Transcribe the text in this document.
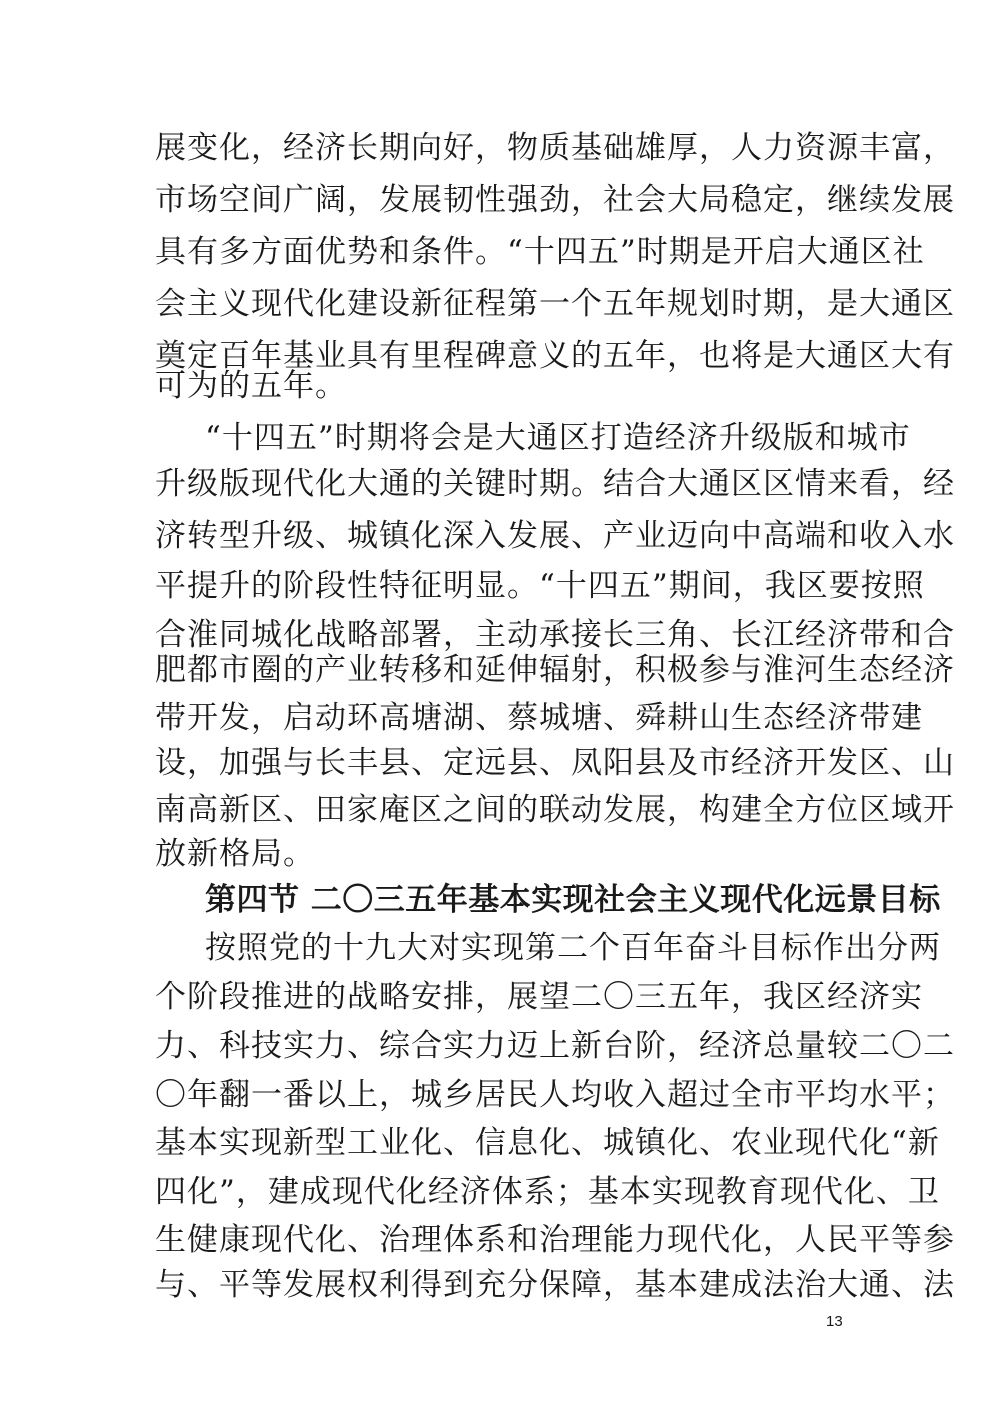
展变化，经济长期向好，物质基础雄厚，人力资源丰富，
市场空间广阔，发展韧性强劲，社会大局稳定，继续发展
具有多方面优势和条件。“十四五”时期是开启大通区社
会主义现代化建设新征程第一个五年规划时期，是大通区
奠定百年基业具有里程碑意义的五年，也将是大通区大有
可为的五年。
“十四五”时期将会是大通区打造经济升级版和城市
升级版现代化大通的关键时期。结合大通区区情来看，经
济转型升级、城镇化深入发展、产业迈向中高端和收入水
平提升的阶段性特征明显。“十四五”期间，我区要按照
合淮同城化战略部署，主动承接长三角、长江经济带和合
肥都市圈的产业转移和延伸辐射，积极参与淮河生态经济
带开发，启动环高塘湖、蔡城塘、舜耕山生态经济带建
设，加强与长丰县、定远县、凤阳县及市经济开发区、山
南高新区、田家庵区之间的联动发展，构建全方位区域开
放新格局。
第四节 二〇三五年基本实现社会主义现代化远景目标
按照党的十九大对实现第二个百年奋斗目标作出分两
个阶段推进的战略安排，展望二〇三五年，我区经济实
力、科技实力、综合实力迈上新台阶，经济总量较二〇二
〇年翻一番以上，城乡居民人均收入超过全市平均水平；
基本实现新型工业化、信息化、城镇化、农业现代化“新
四化”，建成现代化经济体系；基本实现教育现代化、卫
生健康现代化、治理体系和治理能力现代化，人民平等参
与、平等发展权利得到充分保障，基本建成法治大通、法
13
